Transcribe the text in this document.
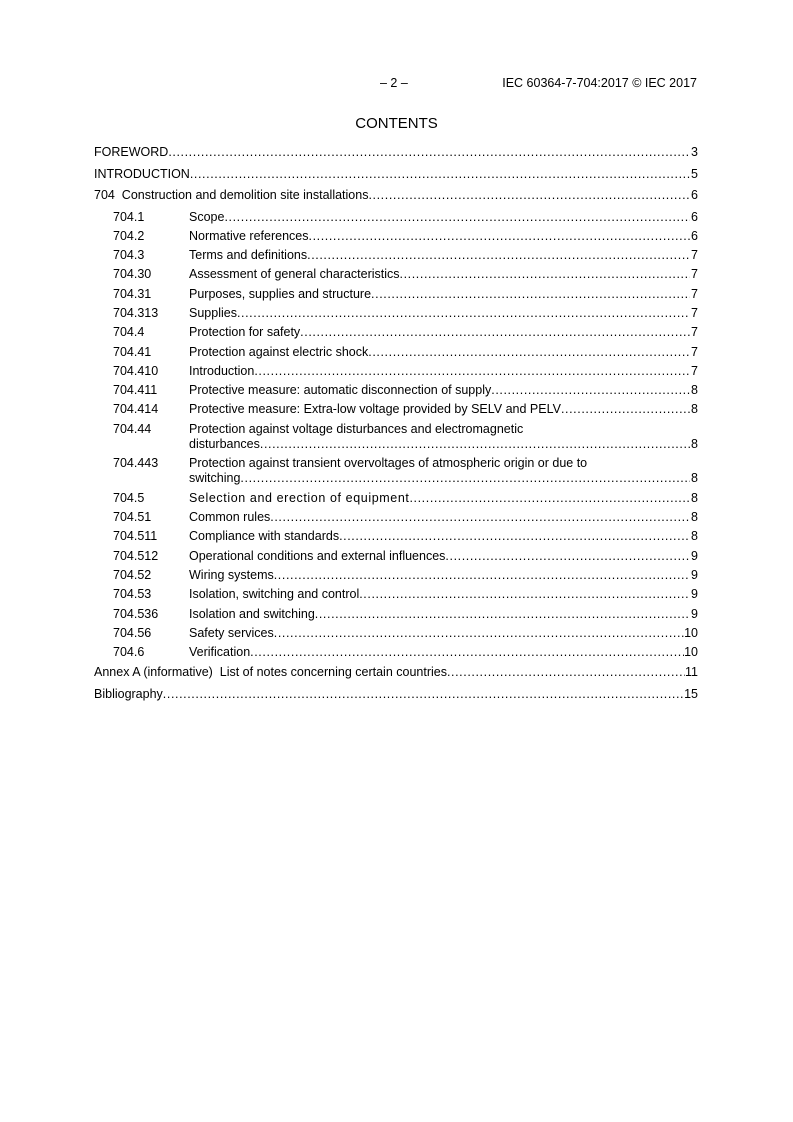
– 2 –	IEC 60364-7-704:2017 © IEC 2017
CONTENTS
FOREWORD .....	3
INTRODUCTION .....	5
704  Construction and demolition site installations .....	6
704.1	Scope .....	6
704.2	Normative references .....	6
704.3	Terms and definitions .....	7
704.30	Assessment of general characteristics .....	7
704.31	Purposes, supplies and structure .....	7
704.313	Supplies .....	7
704.4	Protection for safety .....	7
704.41	Protection against electric shock .....	7
704.410	Introduction .....	7
704.411	Protective measure: automatic disconnection of supply .....	8
704.414	Protective measure: Extra-low voltage provided by SELV and PELV .....	8
704.44	Protection against voltage disturbances and electromagnetic
disturbances .....	8
704.443	Protection against transient overvoltages of atmospheric origin or due to
switching .....	8
704.5	Selection and erection of equipment .....	8
704.51	Common rules .....	8
704.511	Compliance with standards .....	8
704.512	Operational conditions and external influences .....	9
704.52	Wiring systems .....	9
704.53	Isolation, switching and control .....	9
704.536	Isolation and switching .....	9
704.56	Safety services .....	10
704.6	Verification .....	10
Annex A (informative)  List of notes concerning certain countries .....	11
Bibliography .....	15
